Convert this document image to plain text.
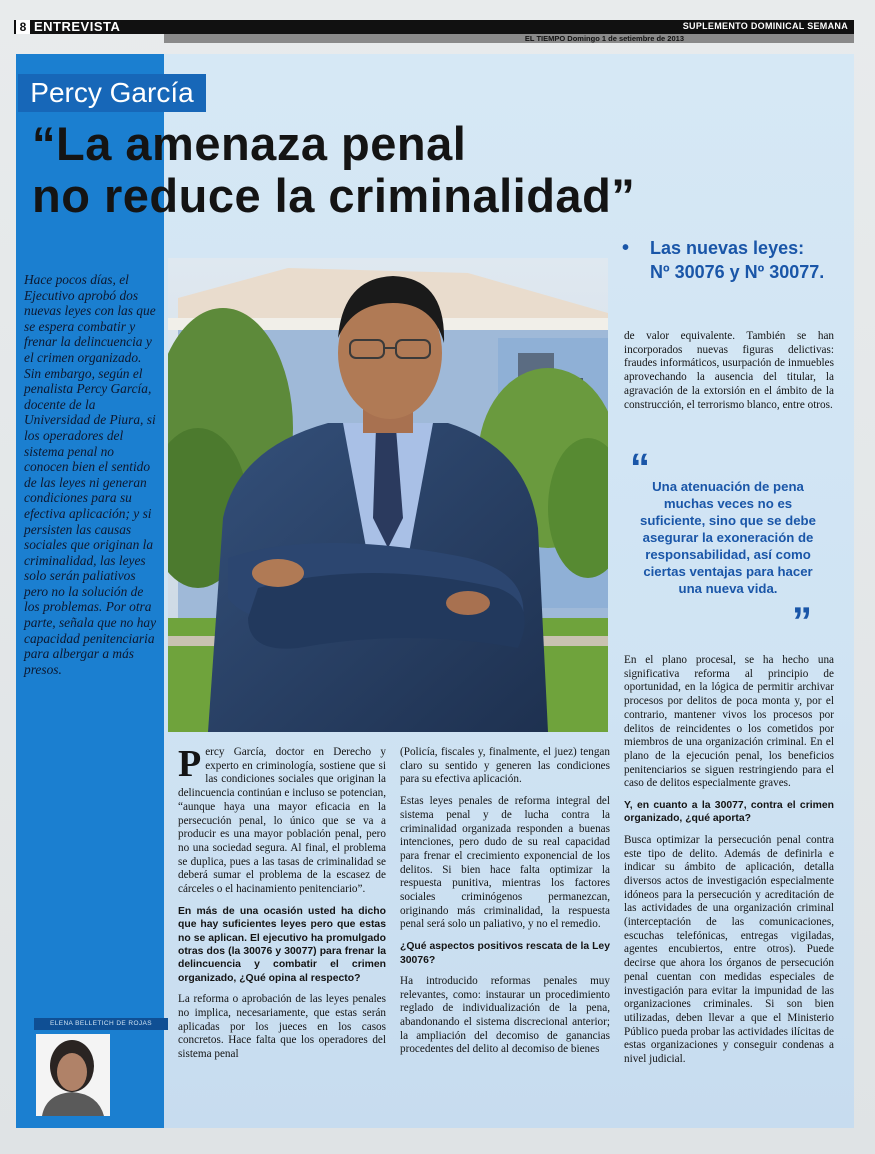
8 ENTREVISTA	SUPLEMENTO DOMINICAL SEMANA
EL TIEMPO Domingo 1 de setiembre de 2013
Percy García
“La amenaza penal
no reduce la criminalidad”
Hace pocos días, el Ejecutivo aprobó dos nuevas leyes con las que se espera combatir y frenar la delincuencia y el crimen organizado. Sin embargo, según el penalista Percy García, docente de la Universidad de Piura, si los operadores del sistema penal no conocen bien el sentido de las leyes ni generan condiciones para su efectiva aplicación; y si persisten las causas sociales que originan la criminalidad, las leyes solo serán paliativos pero no la solución de los problemas. Por otra parte, señala que no hay capacidad penitenciaria para albergar a más presos.
• Las nuevas leyes:
Nº 30076 y Nº 30077.

Percy García, doctor en Derecho y experto en criminología, sostiene que si las condiciones sociales que originan la delincuencia continúan e incluso se potencian, “aunque haya una mayor eficacia en la persecución penal, lo único que se va a producir es una mayor población penal, pero no una sociedad segura. Al final, el problema se duplica, pues a las tasas de criminalidad se deberá sumar el problema de la escasez de cárceles o el hacinamiento penitenciario”.

En más de una ocasión usted ha dicho que hay suficientes leyes pero que estas no se aplican. El ejecutivo ha promulgado otras dos (la 30076 y 30077) para frenar la delincuencia y combatir el crimen organizado, ¿Qué opina al respecto?

La reforma o aprobación de las leyes penales no implica, necesariamente, que estas serán aplicadas por los jueces en los casos concretos. Hace falta que los operadores del sistema penal

(Policía, fiscales y, finalmente, el juez) tengan claro su sentido y generen las condiciones para su efectiva aplicación.

Estas leyes penales de reforma integral del sistema penal y de lucha contra la criminalidad organizada responden a buenas intenciones, pero dudo de su real capacidad para frenar el crecimiento exponencial de los delitos. Si bien hace falta optimizar la respuesta punitiva, mientras los factores sociales criminógenos permanezcan, originando más criminalidad, la respuesta penal será solo un paliativo, y no el remedio.

¿Qué aspectos positivos rescata de la Ley 30076?

Ha introducido reformas penales muy relevantes, como: instaurar un procedimiento reglado de individualización de la pena, abandonando el sistema discrecional anterior; la ampliación del decomiso de ganancias procedentes del delito al decomiso de bienes

de valor equivalente. También se han incorporados nuevas figuras delictivas: fraudes informáticos, usurpación de inmuebles aprovechando la ausencia del titular, la agravación de la extorsión en el ámbito de la construcción, el terrorismo blanco, entre otros.

“ Una atenuación de pena muchas veces no es suficiente, sino que se debe asegurar la exoneración de responsabilidad, así como ciertas ventajas para hacer una nueva vida.
”

En el plano procesal, se ha hecho una significativa reforma al principio de oportunidad, en la lógica de permitir archivar procesos por delitos de poca monta y, por el contrario, mantener vivos los procesos por delitos de reincidentes o los cometidos por miembros de una organización criminal. En el plano de la ejecución penal, los beneficios penitenciarios se siguen restringiendo para el caso de delitos especialmente graves.

Y, en cuanto a la 30077, contra el crimen organizado, ¿qué aporta?

Busca optimizar la persecución penal contra este tipo de delito. Además de definirla e indicar su ámbito de aplicación, detalla diversos actos de investigación especialmente idóneos para la persecución y acreditación de las actividades de una organización criminal (interceptación de las comunicaciones, escuchas telefónicas, entregas vigiladas, agentes encubiertos, entre otros). Puede decirse que ahora los órganos de persecución penal cuentan con medidas especiales de investigación para evitar la impunidad de las organizaciones criminales. Si son bien utilizadas, deben llevar a que el Ministerio Público pueda probar las actividades ilícitas de estas organizaciones y conseguir condenas a nivel judicial.

ELENA BELLETICH DE ROJAS
